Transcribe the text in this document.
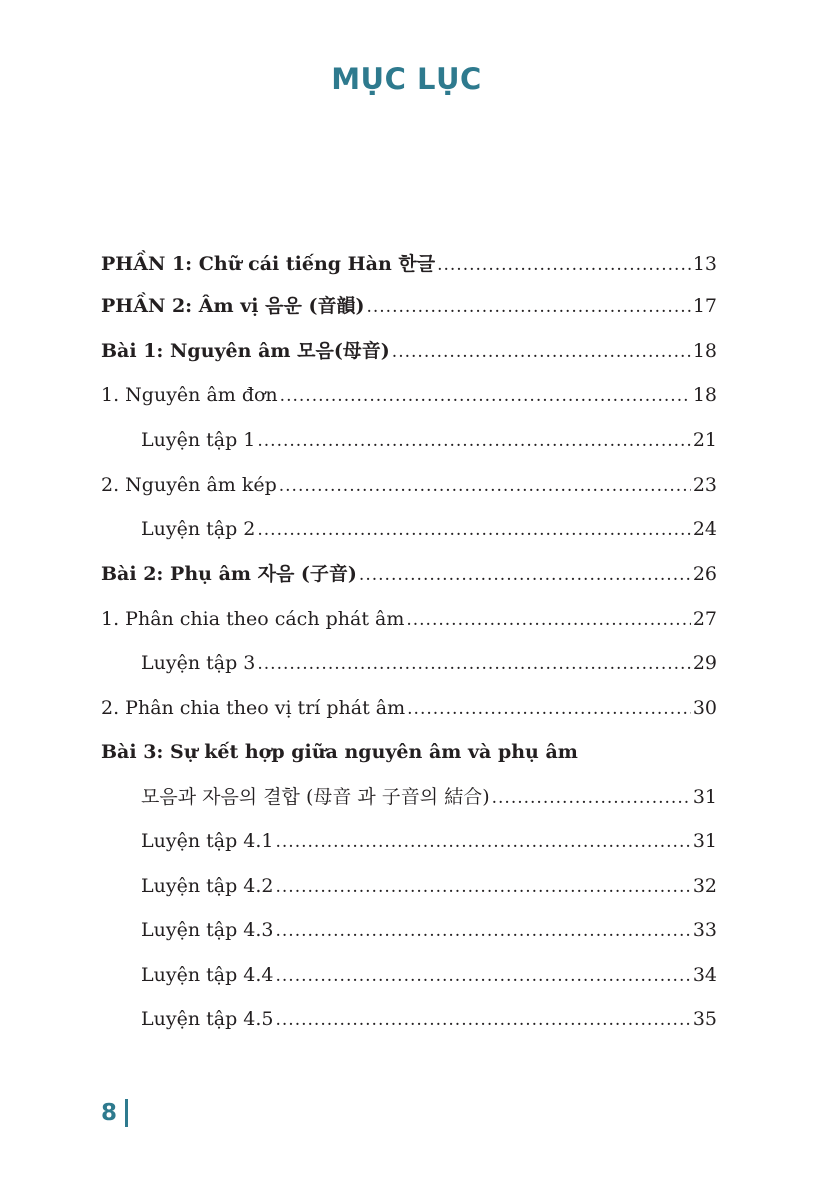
MỤC LỤC
PHẦN 1: Chữ cái tiếng Hàn 한글 .....	13
PHẦN 2: Âm vị 음운 (音韻) .....	17
Bài 1: Nguyên âm 모음(母音) .....	18
1. Nguyên âm đơn .....	18
Luyện tập 1 .....	21
2. Nguyên âm kép .....	23
Luyện tập 2 .....	24
Bài 2: Phụ âm 자음 (子音) .....	26
1. Phân chia theo cách phát âm .....	27
Luyện tập 3 .....	29
2. Phân chia theo vị trí phát âm .....	30
Bài 3: Sự kết hợp giữa nguyên âm và phụ âm
모음과 자음의 결합 (母音 과 子音의 結合) .....	31
Luyện tập 4.1 .....	31
Luyện tập 4.2 .....	32
Luyện tập 4.3 .....	33
Luyện tập 4.4 .....	34
Luyện tập 4.5 .....	35
8
